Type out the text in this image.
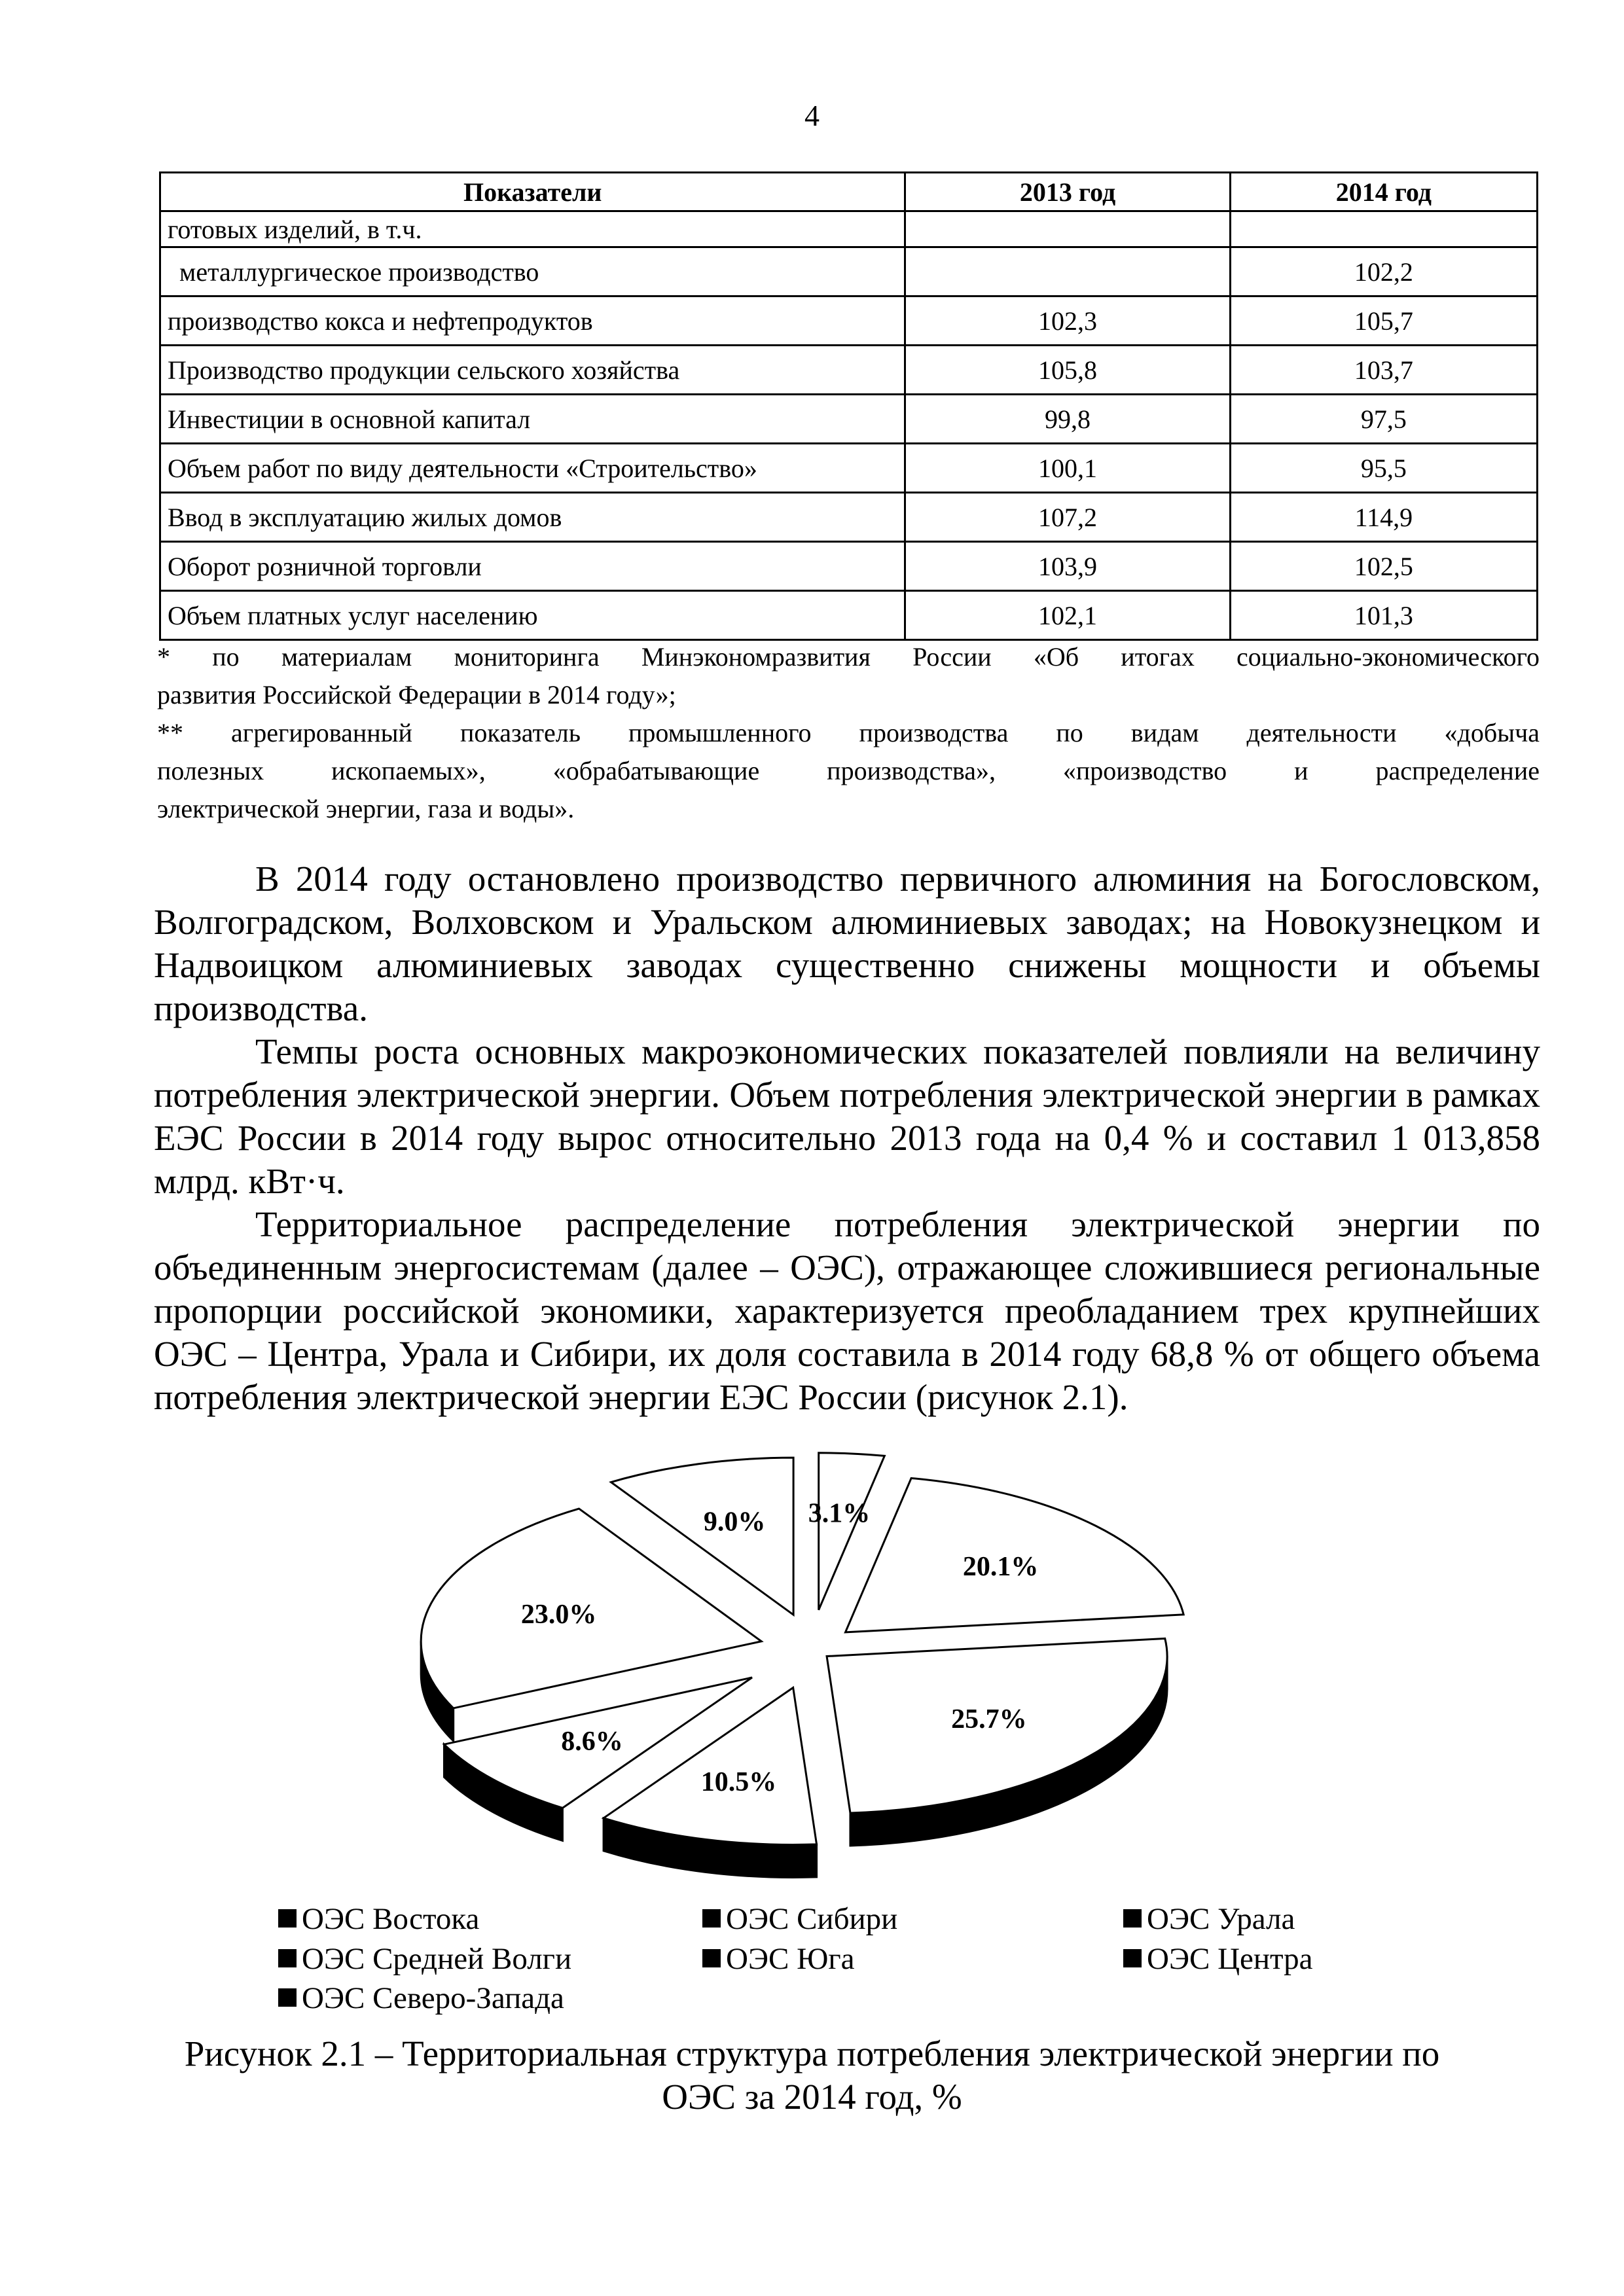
4
Показатели	2013 год	2014 год
готовых изделий, в т.ч.		
металлургическое производство		102,2
производство кокса и нефтепродуктов	102,3	105,7
Производство продукции сельского хозяйства	105,8	103,7
Инвестиции в основной капитал	99,8	97,5
Объем работ по виду деятельности «Строительство»	100,1	95,5
Ввод в эксплуатацию жилых домов	107,2	114,9
Оборот розничной торговли	103,9	102,5
Объем платных услуг населению	102,1	101,3

* по материалам мониторинга Минэкономразвития России «Об итогах социально-экономического

развития Российской Федерации в 2014 году»;

** агрегированный показатель промышленного производства по видам деятельности «добыча

полезных ископаемых», «обрабатывающие производства», «производство и распределение

электрической энергии, газа и воды».

В 2014 году остановлено производство первичного алюминия на Богословском, Волгоградском, Волховском и Уральском алюминиевых заводах; на Новокузнецком и Надвоицком алюминиевых заводах существенно снижены мощности и объемы производства.

Темпы роста основных макроэкономических показателей повлияли на величину потребления электрической энергии. Объем потребления электрической энергии в рамках ЕЭС России в 2014 году вырос относительно 2013 года на 0,4 % и составил 1 013,858 млрд. кВт·ч.

Территориальное распределение потребления электрической энергии по объединенным энергосистемам (далее – ОЭС), отражающее сложившиеся региональные пропорции российской экономики, характеризуется преобладанием трех крупнейших ОЭС – Центра, Урала и Сибири, их доля составила в 2014 году 68,8 % от общего объема потребления электрической энергии ЕЭС России (рисунок 2.1).

3.1%
20.1%
25.7%
10.5%
8.6%
23.0%
9.0%
ОЭС Востока	ОЭС Сибири	ОЭС Урала
ОЭС Средней Волги	ОЭС Юга	ОЭС Центра
ОЭС Северо-Запада
Рисунок 2.1 – Территориальная структура потребления электрической энергии по
ОЭС за 2014 год, %
